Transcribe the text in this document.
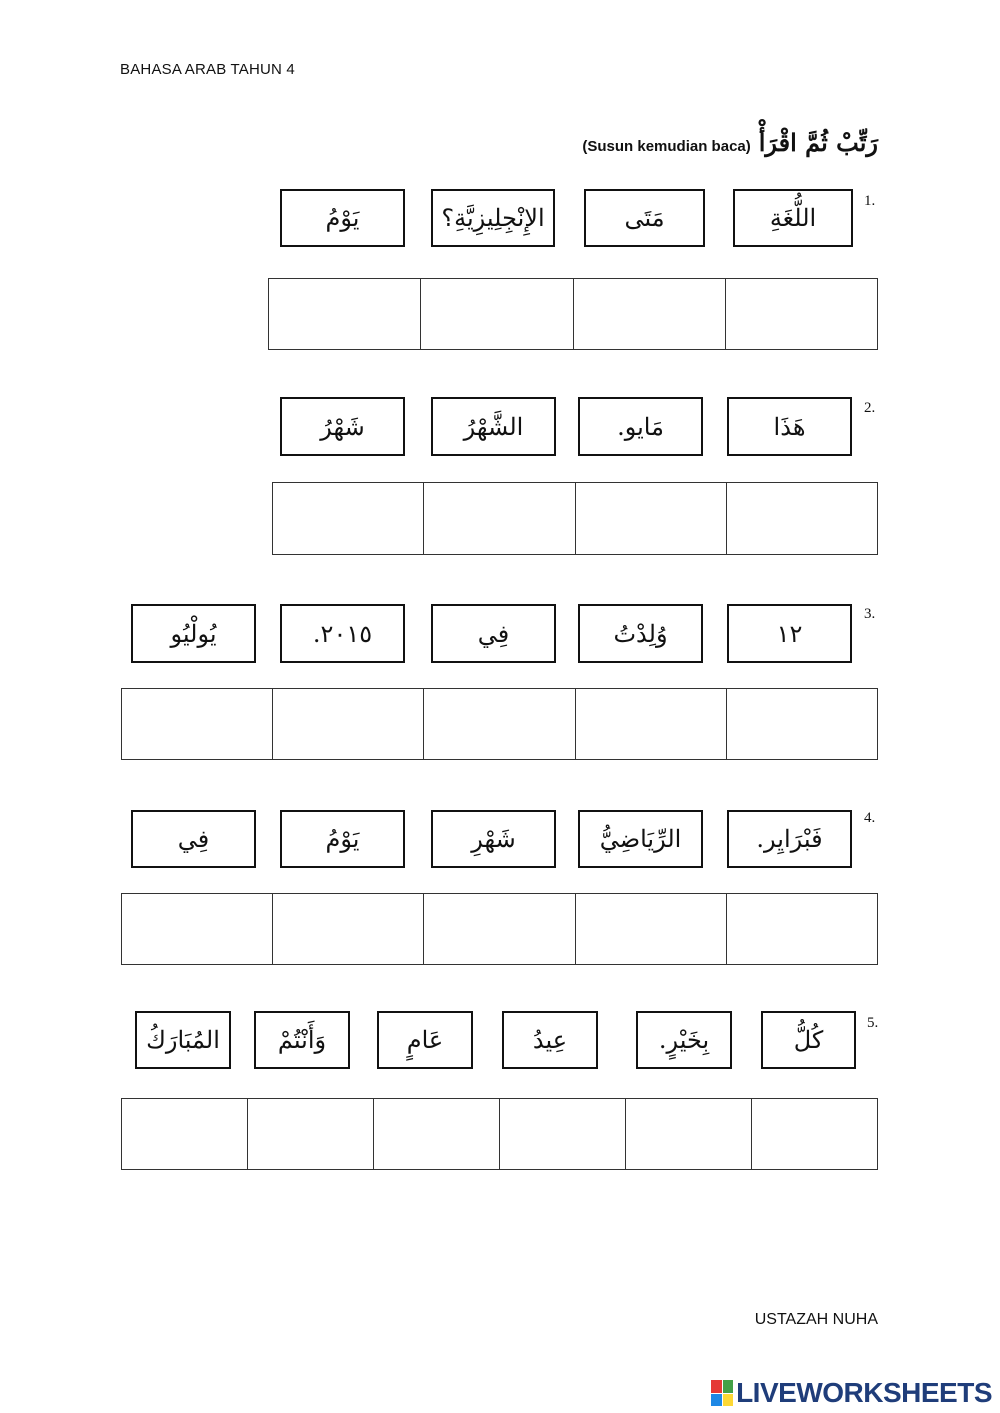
BAHASA ARAB TAHUN 4
(Susun kemudian baca) رَتِّبْ ثُمَّ اقْرَأْ
1.
اللُّغَةِ
مَتَى
الإِنْجِلِيزِيَّةِ؟
يَوْمُ
2.
هَذَا
مَايو.
الشَّهْرُ
شَهْرُ
3.
١٢
وُلِدْتُ
فِي
٢٠١٥.
يُولْيُو
4.
فَبْرَايِر.
الرِّيَاضِيُّ
شَهْرِ
يَوْمُ
فِي
5.
كُلُّ
بِخَيْرٍ.
عِيدُ
عَامٍ
وَأَنْتُمْ
المُبَارَكُ
USTAZAH NUHA
LIVEWORKSHEETS
